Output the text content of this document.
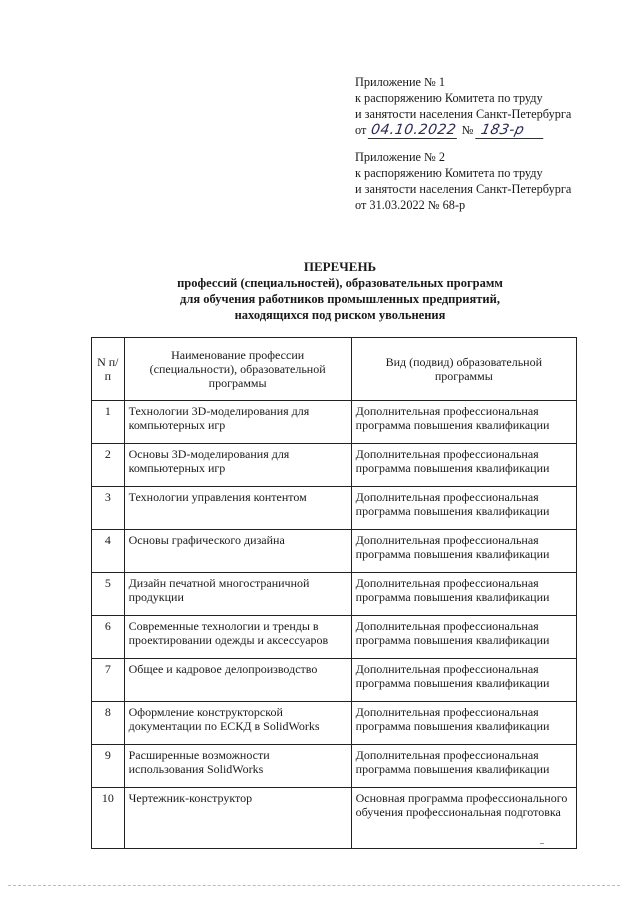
Приложение № 1
к распоряжению Комитета по труду
и занятости населения Санкт-Петербурга
от 04.10.2022 № 183-р
Приложение № 2
к распоряжению Комитета по труду
и занятости населения Санкт-Петербурга
от 31.03.2022 № 68-р
ПЕРЕЧЕНЬ
профессий (специальностей), образовательных программ
для обучения работников промышленных предприятий,
находящихся под риском увольнения
N п/п	Наименование профессии (специальности), образовательной программы	Вид (подвид) образовательной программы
1	Технологии 3D-моделирования для компьютерных игр	Дополнительная профессиональная программа повышения квалификации
2	Основы 3D-моделирования для компьютерных игр	Дополнительная профессиональная программа повышения квалификации
3	Технологии управления контентом	Дополнительная профессиональная программа повышения квалификации
4	Основы графического дизайна	Дополнительная профессиональная программа повышения квалификации
5	Дизайн печатной многостраничной продукции	Дополнительная профессиональная программа повышения квалификации
6	Современные технологии и тренды в проектировании одежды и аксессуаров	Дополнительная профессиональная программа повышения квалификации
7	Общее и кадровое делопроизводство	Дополнительная профессиональная программа повышения квалификации
8	Оформление конструкторской документации по ЕСКД в SolidWorks	Дополнительная профессиональная программа повышения квалификации
9	Расширенные возможности использования SolidWorks	Дополнительная профессиональная программа повышения квалификации
10	Чертежник-конструктор	Основная программа профессионального обучения профессиональная подготовка
